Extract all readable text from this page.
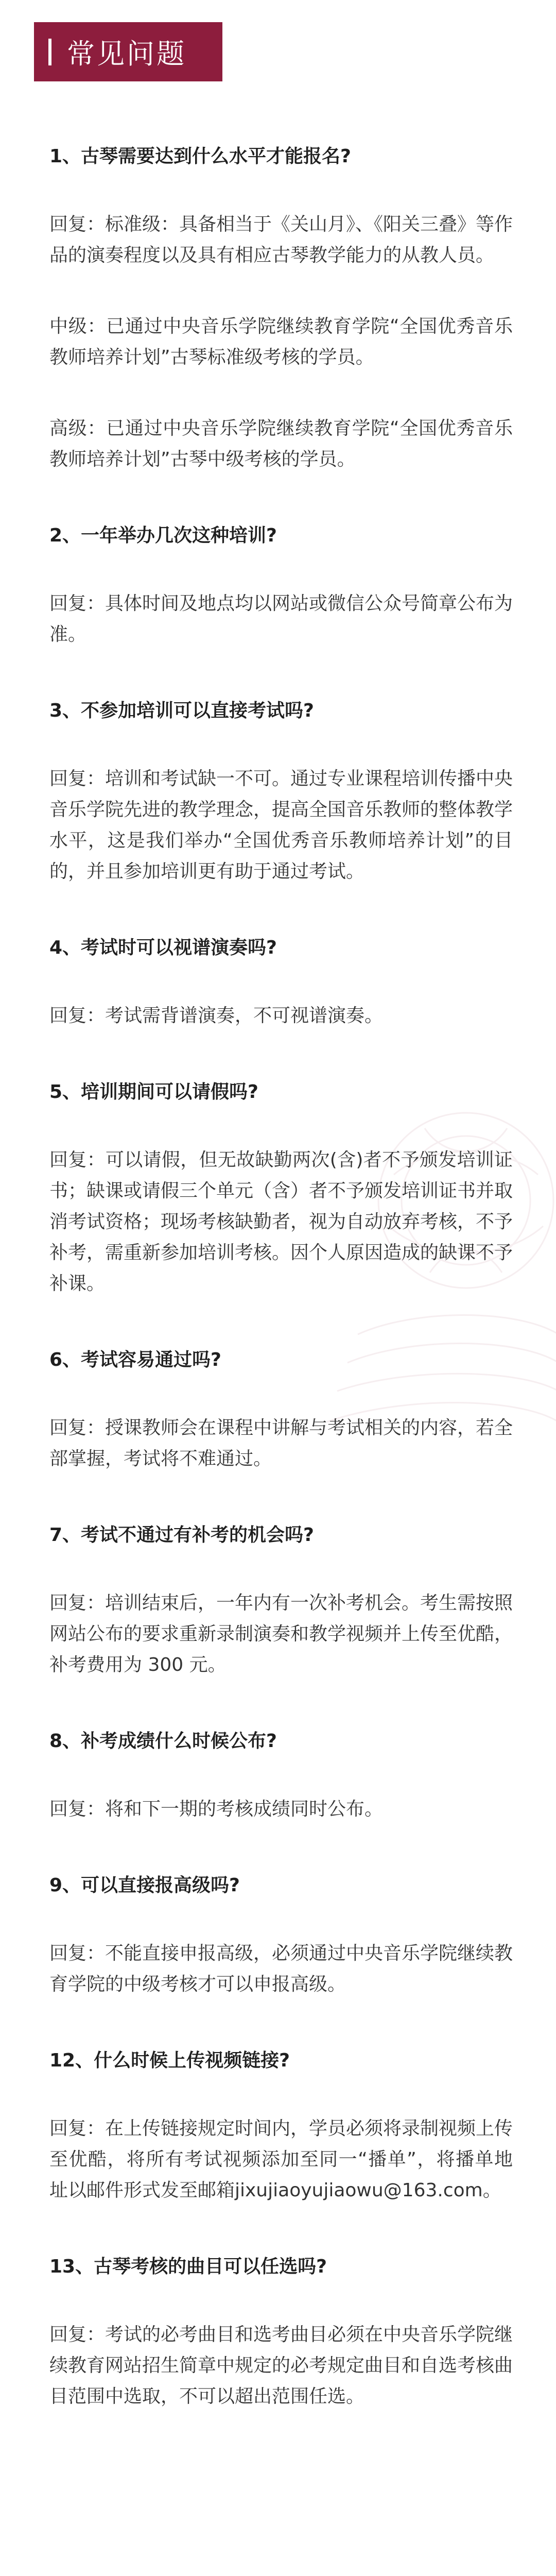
常见问题

1、古琴需要达到什么水平才能报名?

回复：标准级：具备相当于《关山月》、《阳关三叠》等作品的演奏程度以及具有相应古琴教学能力的从教人员。

中级：已通过中央音乐学院继续教育学院“全国优秀音乐教师培养计划”古琴标准级考核的学员。

高级：已通过中央音乐学院继续教育学院“全国优秀音乐教师培养计划”古琴中级考核的学员。

2、一年举办几次这种培训?

回复：具体时间及地点均以网站或微信公众号简章公布为准。

3、不参加培训可以直接考试吗?

回复：培训和考试缺一不可。通过专业课程培训传播中央音乐学院先进的教学理念，提高全国音乐教师的整体教学水平，这是我们举办“全国优秀音乐教师培养计划”的目的，并且参加培训更有助于通过考试。

4、考试时可以视谱演奏吗?

回复：考试需背谱演奏，不可视谱演奏。

5、培训期间可以请假吗?

回复：可以请假，但无故缺勤两次(含)者不予颁发培训证书；缺课或请假三个单元（含）者不予颁发培训证书并取消考试资格；现场考核缺勤者，视为自动放弃考核，不予补考，需重新参加培训考核。因个人原因造成的缺课不予补课。

6、考试容易通过吗?

回复：授课教师会在课程中讲解与考试相关的内容，若全部掌握，考试将不难通过。

7、考试不通过有补考的机会吗?

回复：培训结束后，一年内有一次补考机会。考生需按照网站公布的要求重新录制演奏和教学视频并上传至优酷，补考费用为 300 元。

8、补考成绩什么时候公布?

回复：将和下一期的考核成绩同时公布。

9、可以直接报高级吗?

回复：不能直接申报高级，必须通过中央音乐学院继续教育学院的中级考核才可以申报高级。

12、什么时候上传视频链接?

回复：在上传链接规定时间内，学员必须将录制视频上传至优酷，将所有考试视频添加至同一“播单”，将播单地址以邮件形式发至邮箱jixujiaoyujiaowu@163.com。

13、古琴考核的曲目可以任选吗?

回复：考试的必考曲目和选考曲目必须在中央音乐学院继续教育网站招生简章中规定的必考规定曲目和自选考核曲目范围中选取，不可以超出范围任选。
